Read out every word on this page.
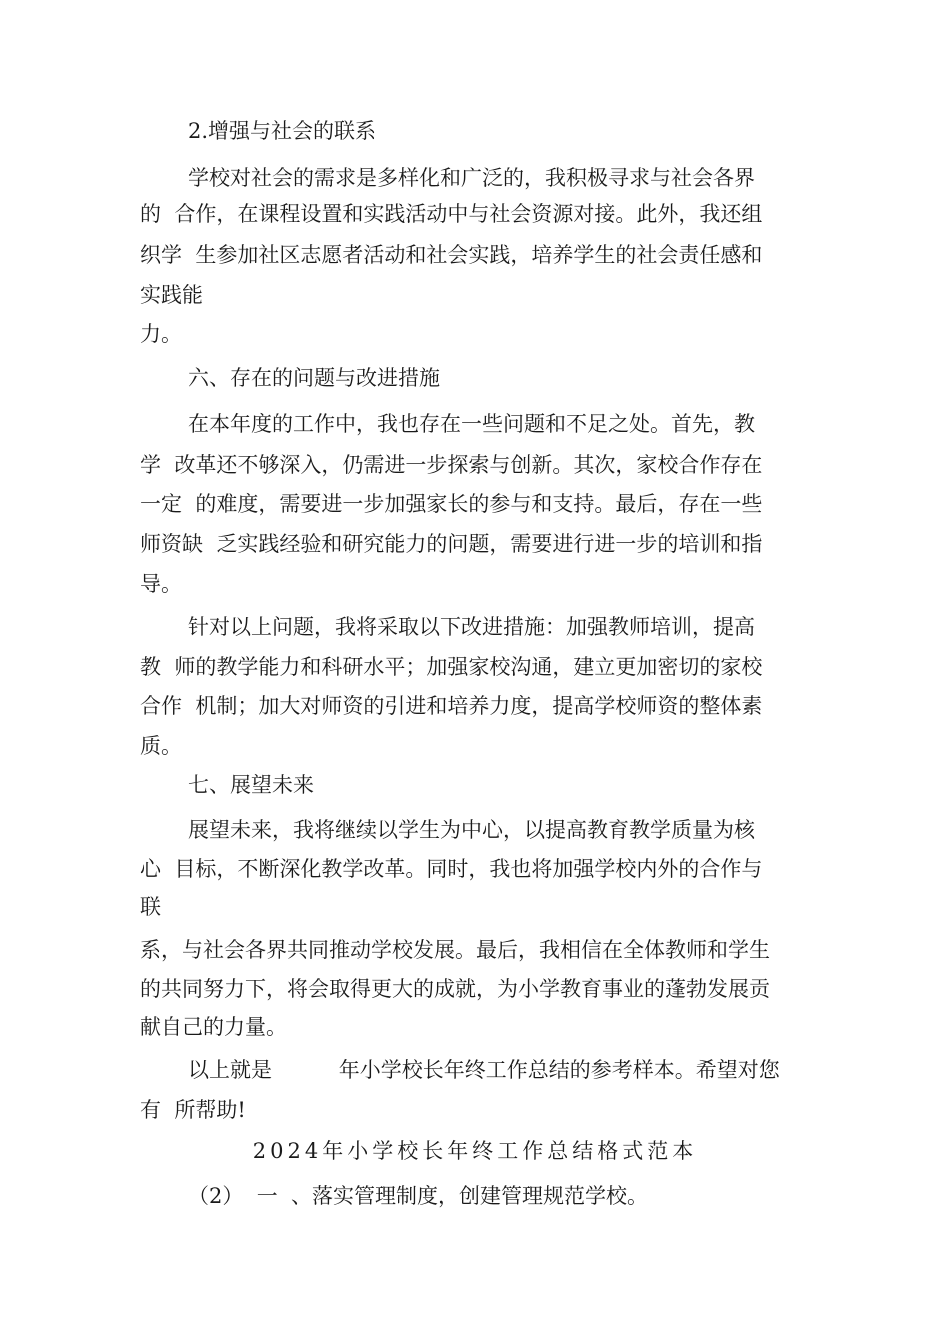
2.增强与社会的联系
学校对社会的需求是多样化和广泛的，我积极寻求与社会各界
的  合作，在课程设置和实践活动中与社会资源对接。此外，我还组
织学  生参加社区志愿者活动和社会实践，培养学生的社会责任感和
实践能
力。
六、存在的问题与改进措施
在本年度的工作中，我也存在一些问题和不足之处。首先，教
学  改革还不够深入，仍需进一步探索与创新。其次，家校合作存在
一定  的难度，需要进一步加强家长的参与和支持。最后，存在一些
师资缺  乏实践经验和研究能力的问题，需要进行进一步的培训和指
导。
针对以上问题，我将采取以下改进措施：加强教师培训，提高
教  师的教学能力和科研水平；加强家校沟通，建立更加密切的家校
合作  机制；加大对师资的引进和培养力度，提高学校师资的整体素
质。
七、展望未来
展望未来，我将继续以学生为中心，以提高教育教学质量为核
心  目标，不断深化教学改革。同时，我也将加强学校内外的合作与
联
系，与社会各界共同推动学校发展。最后，我相信在全体教师和学生
的共同努力下，将会取得更大的成就，为小学教育事业的蓬勃发展贡
献自己的力量。
以上就是          年小学校长年终工作总结的参考样本。希望对您
有  所帮助!
2024年小学校长年终工作总结格式范本
（2）  一  、落实管理制度，创建管理规范学校。
